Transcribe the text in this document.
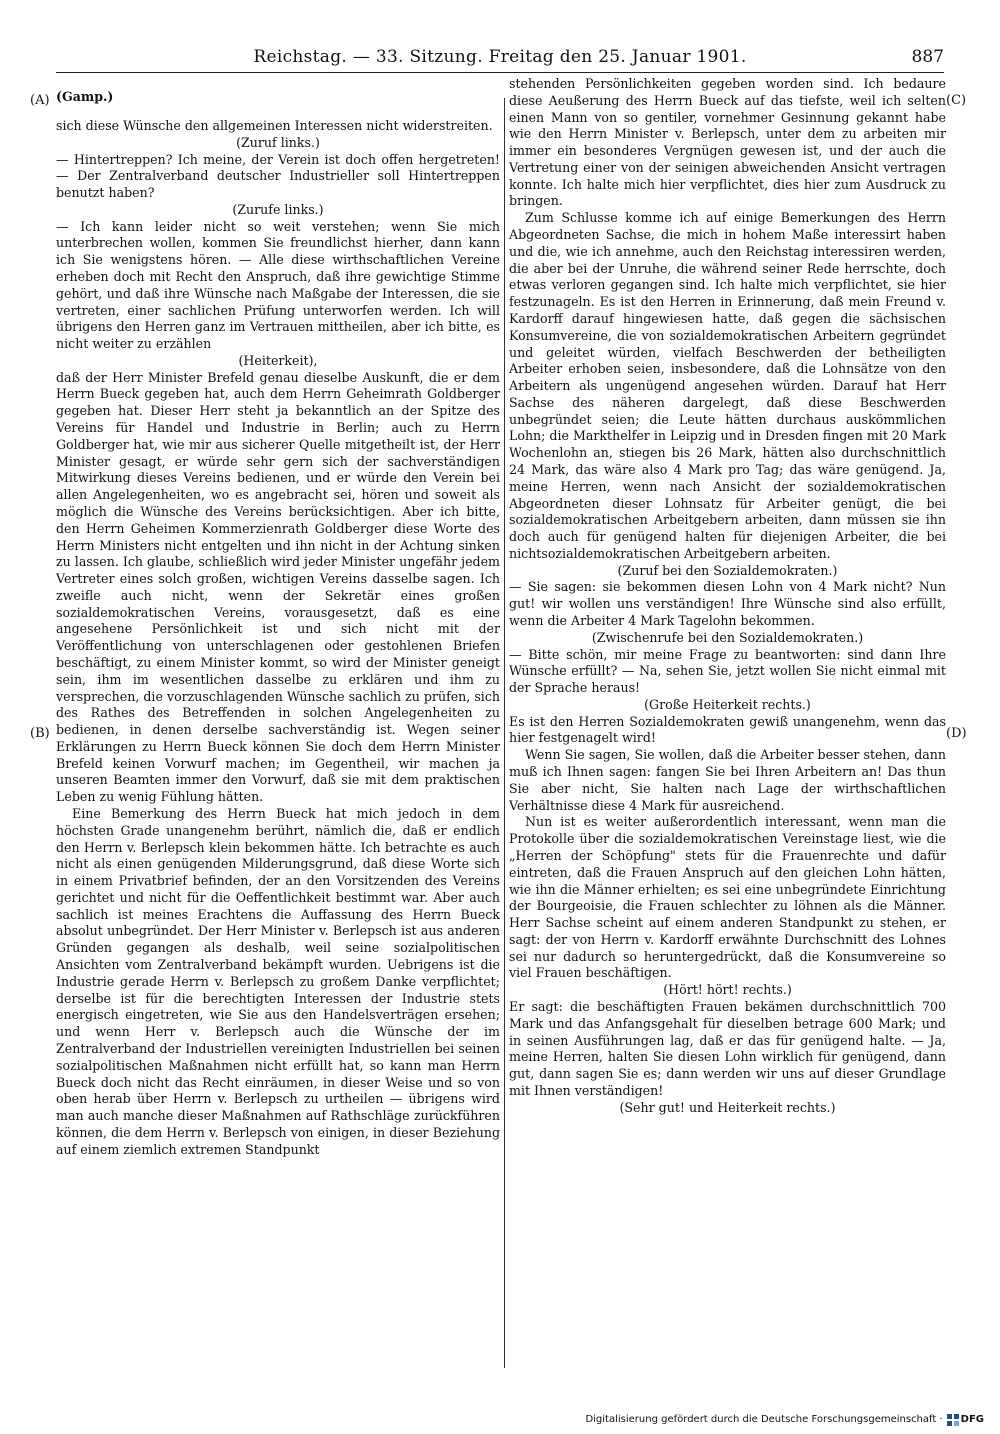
Reichstag. — 33. Sitzung. Freitag den 25. Januar 1901.	887
(A)
(B)
(C)
(D)

(Gamp.)

sich diese Wünsche den allgemeinen Interessen nicht widerstreiten.

(Zuruf links.)

— Hintertreppen? Ich meine, der Verein ist doch offen hergetreten! — Der Zentralverband deutscher Industrieller soll Hintertreppen benutzt haben?

(Zurufe links.)

— Ich kann leider nicht so weit verstehen; wenn Sie mich unterbrechen wollen, kommen Sie freundlichst hierher, dann kann ich Sie wenigstens hören. — Alle diese wirthschaftlichen Vereine erheben doch mit Recht den Anspruch, daß ihre gewichtige Stimme gehört, und daß ihre Wünsche nach Maßgabe der Interessen, die sie vertreten, einer sachlichen Prüfung unterworfen werden. Ich will übrigens den Herren ganz im Vertrauen mittheilen, aber ich bitte, es nicht weiter zu erzählen

(Heiterkeit),

daß der Herr Minister Brefeld genau dieselbe Auskunft, die er dem Herrn Bueck gegeben hat, auch dem Herrn Geheimrath Goldberger gegeben hat. Dieser Herr steht ja bekanntlich an der Spitze des Vereins für Handel und Industrie in Berlin; auch zu Herrn Goldberger hat, wie mir aus sicherer Quelle mitgetheilt ist, der Herr Minister gesagt, er würde sehr gern sich der sachverständigen Mitwirkung dieses Vereins bedienen, und er würde den Verein bei allen Angelegenheiten, wo es angebracht sei, hören und soweit als möglich die Wünsche des Vereins berücksichtigen. Aber ich bitte, den Herrn Geheimen Kommerzienrath Goldberger diese Worte des Herrn Ministers nicht entgelten und ihn nicht in der Achtung sinken zu lassen. Ich glaube, schließlich wird jeder Minister ungefähr jedem Vertreter eines solch großen, wichtigen Vereins dasselbe sagen. Ich zweifle auch nicht, wenn der Sekretär eines großen sozialdemokratischen Vereins, vorausgesetzt, daß es eine angesehene Persönlichkeit ist und sich nicht mit der Veröffentlichung von unterschlagenen oder gestohlenen Briefen beschäftigt, zu einem Minister kommt, so wird der Minister geneigt sein, ihm im wesentlichen dasselbe zu erklären und ihm zu versprechen, die vorzuschlagenden Wünsche sachlich zu prüfen, sich des Rathes des Betreffenden in solchen Angelegenheiten zu bedienen, in denen derselbe sachverständig ist. Wegen seiner Erklärungen zu Herrn Bueck können Sie doch dem Herrn Minister Brefeld keinen Vorwurf machen; im Gegentheil, wir machen ja unseren Beamten immer den Vorwurf, daß sie mit dem praktischen Leben zu wenig Fühlung hätten.

Eine Bemerkung des Herrn Bueck hat mich jedoch in dem höchsten Grade unangenehm berührt, nämlich die, daß er endlich den Herrn v. Berlepsch klein bekommen hätte. Ich betrachte es auch nicht als einen genügenden Milderungsgrund, daß diese Worte sich in einem Privatbrief befinden, der an den Vorsitzenden des Vereins gerichtet und nicht für die Oeffentlichkeit bestimmt war. Aber auch sachlich ist meines Erachtens die Auffassung des Herrn Bueck absolut unbegründet. Der Herr Minister v. Berlepsch ist aus anderen Gründen gegangen als deshalb, weil seine sozialpolitischen Ansichten vom Zentralverband bekämpft wurden. Uebrigens ist die Industrie gerade Herrn v. Berlepsch zu großem Danke verpflichtet; derselbe ist für die berechtigten Interessen der Industrie stets energisch eingetreten, wie Sie aus den Handelsverträgen ersehen; und wenn Herr v. Berlepsch auch die Wünsche der im Zentralverband der Industriellen vereinigten Industriellen bei seinen sozialpolitischen Maßnahmen nicht erfüllt hat, so kann man Herrn Bueck doch nicht das Recht einräumen, in dieser Weise und so von oben herab über Herrn v. Berlepsch zu urtheilen — übrigens wird man auch manche dieser Maßnahmen auf Rathschläge zurückführen können, die dem Herrn v. Berlepsch von einigen, in dieser Beziehung auf einem ziemlich extremen Standpunkt

stehenden Persönlichkeiten gegeben worden sind. Ich bedaure diese Aeußerung des Herrn Bueck auf das tiefste, weil ich selten einen Mann von so gentiler, vornehmer Gesinnung gekannt habe wie den Herrn Minister v. Berlepsch, unter dem zu arbeiten mir immer ein besonderes Vergnügen gewesen ist, und der auch die Vertretung einer von der seinigen abweichenden Ansicht vertragen konnte. Ich halte mich hier verpflichtet, dies hier zum Ausdruck zu bringen.

Zum Schlusse komme ich auf einige Bemerkungen des Herrn Abgeordneten Sachse, die mich in hohem Maße interessirt haben und die, wie ich annehme, auch den Reichstag interessiren werden, die aber bei der Unruhe, die während seiner Rede herrschte, doch etwas verloren gegangen sind. Ich halte mich verpflichtet, sie hier festzunageln. Es ist den Herren in Erinnerung, daß mein Freund v. Kardorff darauf hingewiesen hatte, daß gegen die sächsischen Konsumvereine, die von sozialdemokratischen Arbeitern gegründet und geleitet würden, vielfach Beschwerden der betheiligten Arbeiter erhoben seien, insbesondere, daß die Lohnsätze von den Arbeitern als ungenügend angesehen würden. Darauf hat Herr Sachse des näheren dargelegt, daß diese Beschwerden unbegründet seien; die Leute hätten durchaus auskömmlichen Lohn; die Markthelfer in Leipzig und in Dresden fingen mit 20 Mark Wochenlohn an, stiegen bis 26 Mark, hätten also durchschnittlich 24 Mark, das wäre also 4 Mark pro Tag; das wäre genügend. Ja, meine Herren, wenn nach Ansicht der sozialdemokratischen Abgeordneten dieser Lohnsatz für Arbeiter genügt, die bei sozialdemokratischen Arbeitgebern arbeiten, dann müssen sie ihn doch auch für genügend halten für diejenigen Arbeiter, die bei nichtsozialdemokratischen Arbeitgebern arbeiten.

(Zuruf bei den Sozialdemokraten.)

— Sie sagen: sie bekommen diesen Lohn von 4 Mark nicht? Nun gut! wir wollen uns verständigen! Ihre Wünsche sind also erfüllt, wenn die Arbeiter 4 Mark Tagelohn bekommen.

(Zwischenrufe bei den Sozialdemokraten.)

— Bitte schön, mir meine Frage zu beantworten: sind dann Ihre Wünsche erfüllt? — Na, sehen Sie, jetzt wollen Sie nicht einmal mit der Sprache heraus!

(Große Heiterkeit rechts.)

Es ist den Herren Sozialdemokraten gewiß unangenehm, wenn das hier festgenagelt wird!

Wenn Sie sagen, Sie wollen, daß die Arbeiter besser stehen, dann muß ich Ihnen sagen: fangen Sie bei Ihren Arbeitern an! Das thun Sie aber nicht, Sie halten nach Lage der wirthschaftlichen Verhältnisse diese 4 Mark für ausreichend.

Nun ist es weiter außerordentlich interessant, wenn man die Protokolle über die sozialdemokratischen Vereinstage liest, wie die „Herren der Schöpfung" stets für die Frauenrechte und dafür eintreten, daß die Frauen Anspruch auf den gleichen Lohn hätten, wie ihn die Männer erhielten; es sei eine unbegründete Einrichtung der Bourgeoisie, die Frauen schlechter zu löhnen als die Männer. Herr Sachse scheint auf einem anderen Standpunkt zu stehen, er sagt: der von Herrn v. Kardorff erwähnte Durchschnitt des Lohnes sei nur dadurch so heruntergedrückt, daß die Konsumvereine so viel Frauen beschäftigen.

(Hört! hört! rechts.)

Er sagt: die beschäftigten Frauen bekämen durchschnittlich 700 Mark und das Anfangsgehalt für dieselben betrage 600 Mark; und in seinen Ausführungen lag, daß er das für genügend halte. — Ja, meine Herren, halten Sie diesen Lohn wirklich für genügend, dann gut, dann sagen Sie es; dann werden wir uns auf dieser Grundlage mit Ihnen verständigen!

(Sehr gut! und Heiterkeit rechts.)

Digitalisierung gefördert durch die Deutsche Forschungsgemeinschaft · DFG
